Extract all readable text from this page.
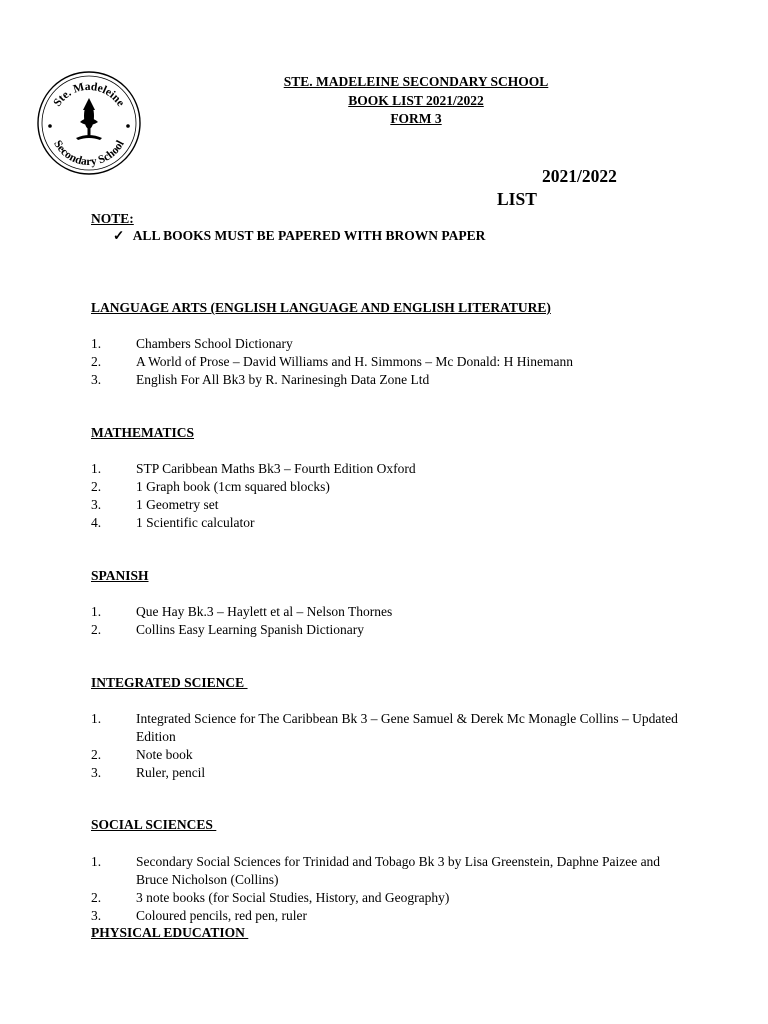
Ste. Madeleine
Secondary School
STE. MADELEINE SECONDARY SCHOOL
BOOK LIST 2021/2022
FORM 3
2021/2022
LIST
NOTE:
✓ ALL BOOKS MUST BE PAPERED WITH BROWN PAPER
LANGUAGE ARTS (ENGLISH LANGUAGE AND ENGLISH LITERATURE)
1.	Chambers School Dictionary
2.	A World of Prose – David Williams and H. Simmons – Mc Donald: H Hinemann
3.	English For All Bk3 by R. Narinesingh Data Zone Ltd
MATHEMATICS
1.	STP Caribbean Maths Bk3 – Fourth Edition Oxford
2.	1 Graph book (1cm squared blocks)
3.	1 Geometry set
4.	1 Scientific calculator
SPANISH
1.	Que Hay Bk.3 – Haylett et al – Nelson Thornes
2.	Collins Easy Learning Spanish Dictionary
INTEGRATED SCIENCE
1.	Integrated Science for The Caribbean Bk 3 – Gene Samuel & Derek Mc Monagle Collins – Updated Edition
2.	Note book
3.	Ruler, pencil
SOCIAL SCIENCES
1.	Secondary Social Sciences for Trinidad and Tobago Bk 3 by Lisa Greenstein, Daphne Paizee and Bruce Nicholson (Collins)
2.	3 note books (for Social Studies, History, and Geography)
3.	Coloured pencils, red pen, ruler
PHYSICAL EDUCATION
